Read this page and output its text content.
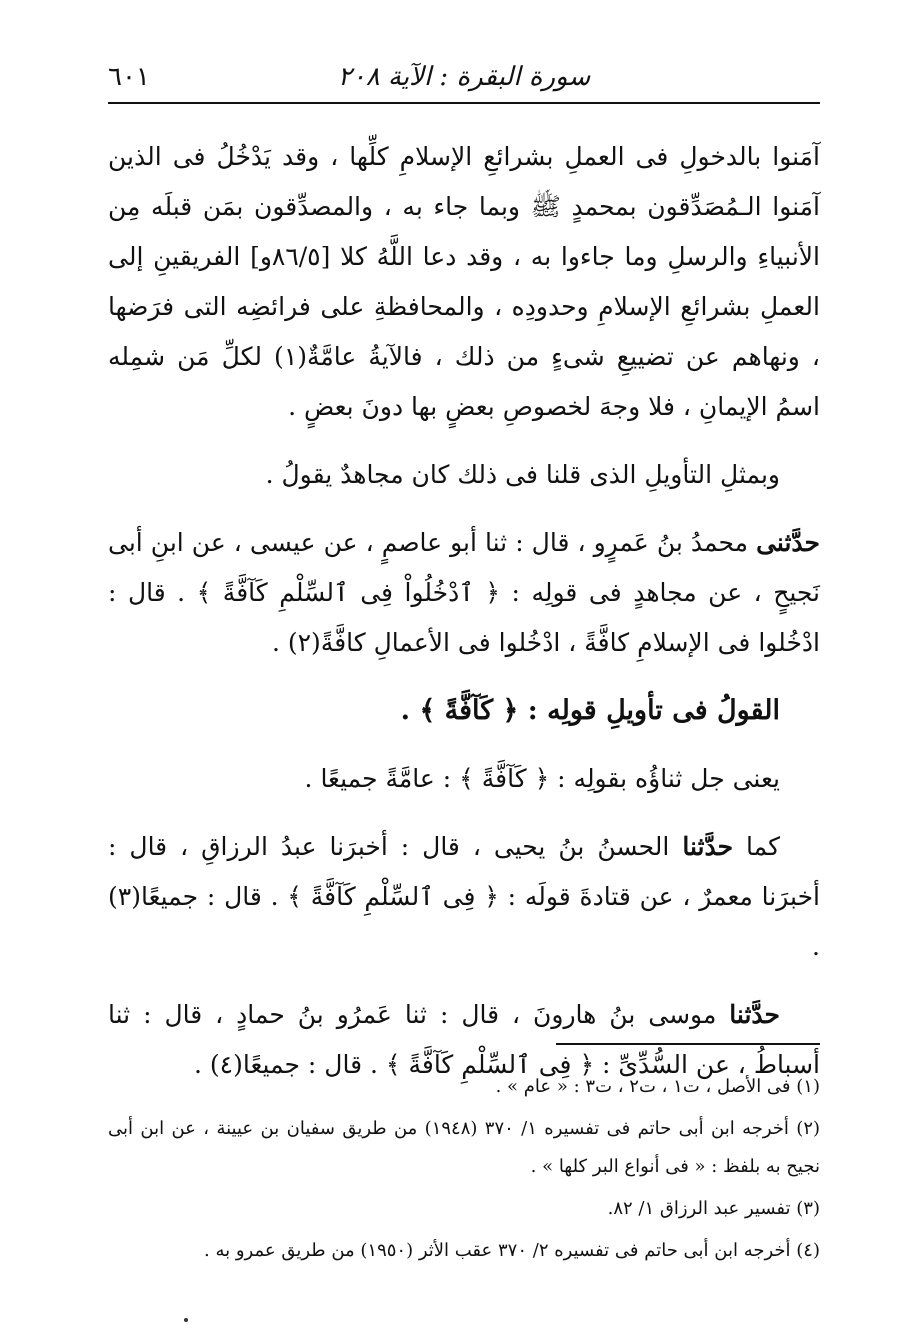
٦٠١	سورة البقرة : الآية ٢٠٨

آمَنوا بالدخولِ فى العملِ بشرائعِ الإسلامِ كلِّها ، وقد يَدْخُلُ فى الذين آمَنوا الـمُصَدِّقون بمحمدٍ ﷺ وبما جاء به ، والمصدِّقون بمَن قبلَه مِن الأنبياءِ والرسلِ وما جاءوا به ، وقد دعا اللَّهُ كلا [٨٦/٥و] الفريقينِ إلى العملِ بشرائعِ الإسلامِ وحدودِه ، والمحافظةِ على فرائضِه التى فرَضها ، ونهاهم عن تضييعِ شىءٍ من ذلك ، فالآيةُ عامَّةٌ(١) لكلِّ مَن شمِله اسمُ الإيمانِ ، فلا وجهَ لخصوصِ بعضٍ بها دونَ بعضٍ .

وبمثلِ التأويلِ الذى قلنا فى ذلك كان مجاهدٌ يقولُ .

حدَّثنى محمدُ بنُ عَمرٍو ، قال : ثنا أبو عاصمٍ ، عن عيسى ، عن ابنِ أبى نَجيحٍ ، عن مجاهدٍ فى قولِه : ﴿ ٱدْخُلُواْ فِى ٱلسِّلْمِ كَآفَّةً ﴾ . قال : ادْخُلوا فى الإسلامِ كافَّةً ، ادْخُلوا فى الأعمالِ كافَّةً(٢) .

القولُ فى تأويلِ قولِه : ﴿ كَآفَّةً ﴾ .

يعنى جل ثناؤُه بقولِه : ﴿ كَآفَّةً ﴾ : عامَّةً جميعًا .

كما حدَّثنا الحسنُ بنُ يحيى ، قال : أخبرَنا عبدُ الرزاقِ ، قال : أخبرَنا معمرٌ ، عن قتادةَ قولَه : ﴿ فِى ٱلسِّلْمِ كَآفَّةً ﴾ . قال : جميعًا(٣) .

حدَّثنا موسى بنُ هارونَ ، قال : ثنا عَمرُو بنُ حمادٍ ، قال : ثنا أسباطُ ، عن السُّدِّىِّ : ﴿ فِى ٱلسِّلْمِ كَآفَّةً ﴾ . قال : جميعًا(٤) .

(١) فى الأصل ، ت١ ، ت٢ ، ت٣ : « عام » .

(٢) أخرجه ابن أبى حاتم فى تفسيره ١/ ٣٧٠ (١٩٤٨) من طريق سفيان بن عيينة ، عن ابن أبى نجيح به بلفظ : « فى أنواع البر كلها » .

(٣) تفسير عبد الرزاق ١/ ٨٢.

(٤) أخرجه ابن أبى حاتم فى تفسيره ٢/ ٣٧٠ عقب الأثر (١٩٥٠) من طريق عمرو به .
